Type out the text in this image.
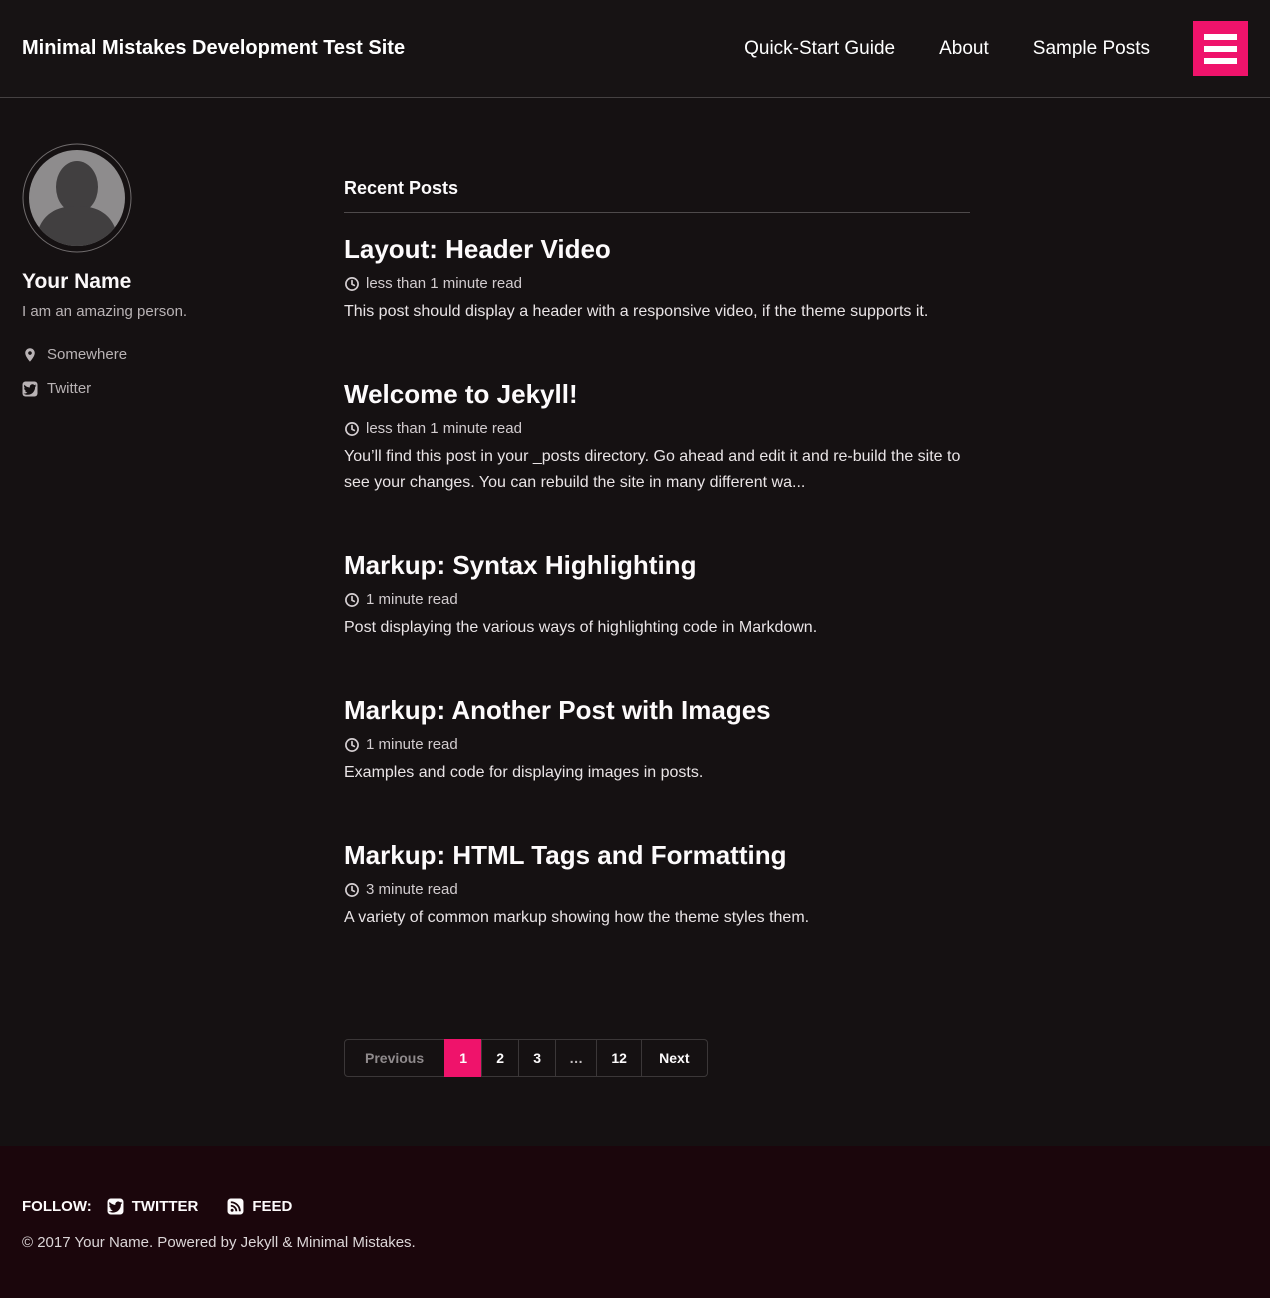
Minimal Mistakes Development Test Site	Quick-Start Guide About Sample Posts
Your Name

I am an amazing person.

Somewhere
Twitter
Recent Posts
Layout: Header Video

less than 1 minute read

This post should display a header with a responsive video, if the theme supports it.

Welcome to Jekyll!

less than 1 minute read

You’ll find this post in your _posts directory. Go ahead and edit it and re-build the site to see your changes. You can rebuild the site in many different wa...

Markup: Syntax Highlighting

1 minute read

Post displaying the various ways of highlighting code in Markdown.

Markup: Another Post with Images

1 minute read

Examples and code for displaying images in posts.

Markup: HTML Tags and Formatting

3 minute read

A variety of common markup showing how the theme styles them.

Previous	1	2	3	…	12	Next
FOLLOW:	TWITTER	FEED

© 2017 Your Name. Powered by Jekyll & Minimal Mistakes.
